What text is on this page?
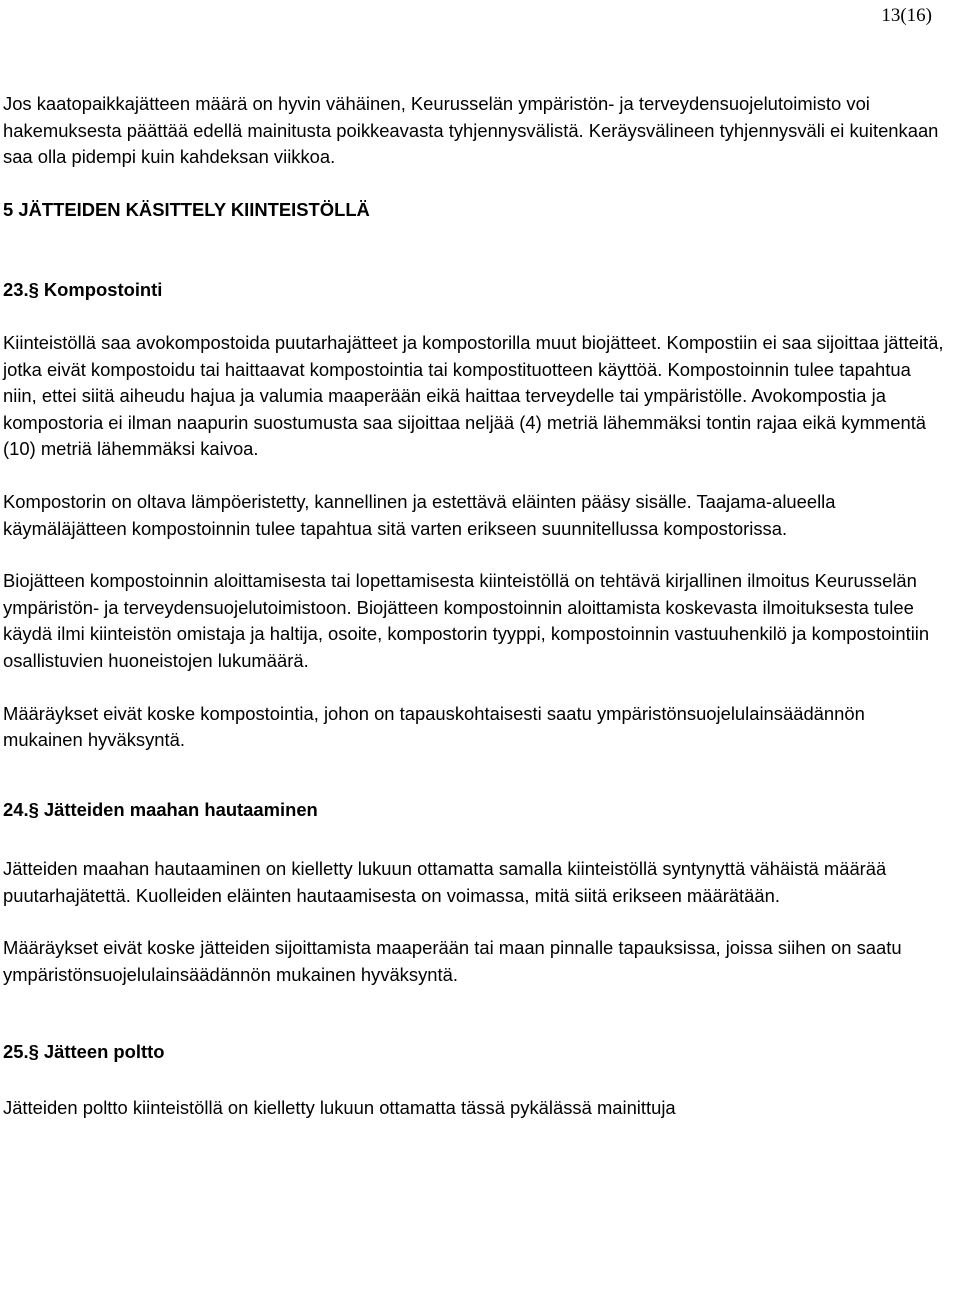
13(16)

Jos kaatopaikkajätteen määrä on hyvin vähäinen, Keurusselän ympäristön- ja terveydensuojelutoimisto voi hakemuksesta päättää edellä mainitusta poikkeavasta tyhjennysvälistä. Keräysvälineen tyhjennysväli ei kuitenkaan saa olla pidempi kuin kahdeksan viikkoa.

5 JÄTTEIDEN KÄSITTELY KIINTEISTÖLLÄ
23.§ Kompostointi

Kiinteistöllä saa avokompostoida puutarhajätteet ja kompostorilla muut biojätteet. Kompostiin ei saa sijoittaa jätteitä, jotka eivät kompostoidu tai haittaavat kompostointia tai kompostituotteen käyttöä. Kompostoinnin tulee tapahtua niin, ettei siitä aiheudu hajua ja valumia maaperään eikä haittaa terveydelle tai ympäristölle. Avokompostia ja kompostoria ei ilman naapurin suostumusta saa sijoittaa neljää (4) metriä lähemmäksi tontin rajaa eikä kymmentä (10) metriä lähemmäksi kaivoa.

Kompostorin on oltava lämpöeristetty, kannellinen ja estettävä eläinten pääsy sisälle. Taajama-alueella käymäläjätteen kompostoinnin tulee tapahtua sitä varten erikseen suunnitellussa kompostorissa.

Biojätteen kompostoinnin aloittamisesta tai lopettamisesta kiinteistöllä on tehtävä kirjallinen ilmoitus Keurusselän ympäristön- ja terveydensuojelutoimistoon. Biojätteen kompostoinnin aloittamista koskevasta ilmoituksesta tulee käydä ilmi kiinteistön omistaja ja haltija, osoite, kompostorin tyyppi, kompostoinnin vastuuhenkilö ja kompostointiin osallistuvien huoneistojen lukumäärä.

Määräykset eivät koske kompostointia, johon on tapauskohtaisesti saatu ympäristönsuojelulainsäädännön mukainen hyväksyntä.

24.§ Jätteiden maahan hautaaminen

Jätteiden maahan hautaaminen on kielletty lukuun ottamatta samalla kiinteistöllä syntynyttä vähäistä määrää puutarhajätettä. Kuolleiden eläinten hautaamisesta on voimassa, mitä siitä erikseen määrätään.

Määräykset eivät koske jätteiden sijoittamista maaperään tai maan pinnalle tapauksissa, joissa siihen on saatu ympäristönsuojelulainsäädännön mukainen hyväksyntä.

25.§ Jätteen poltto

Jätteiden poltto kiinteistöllä on kielletty lukuun ottamatta tässä pykälässä mainittuja
